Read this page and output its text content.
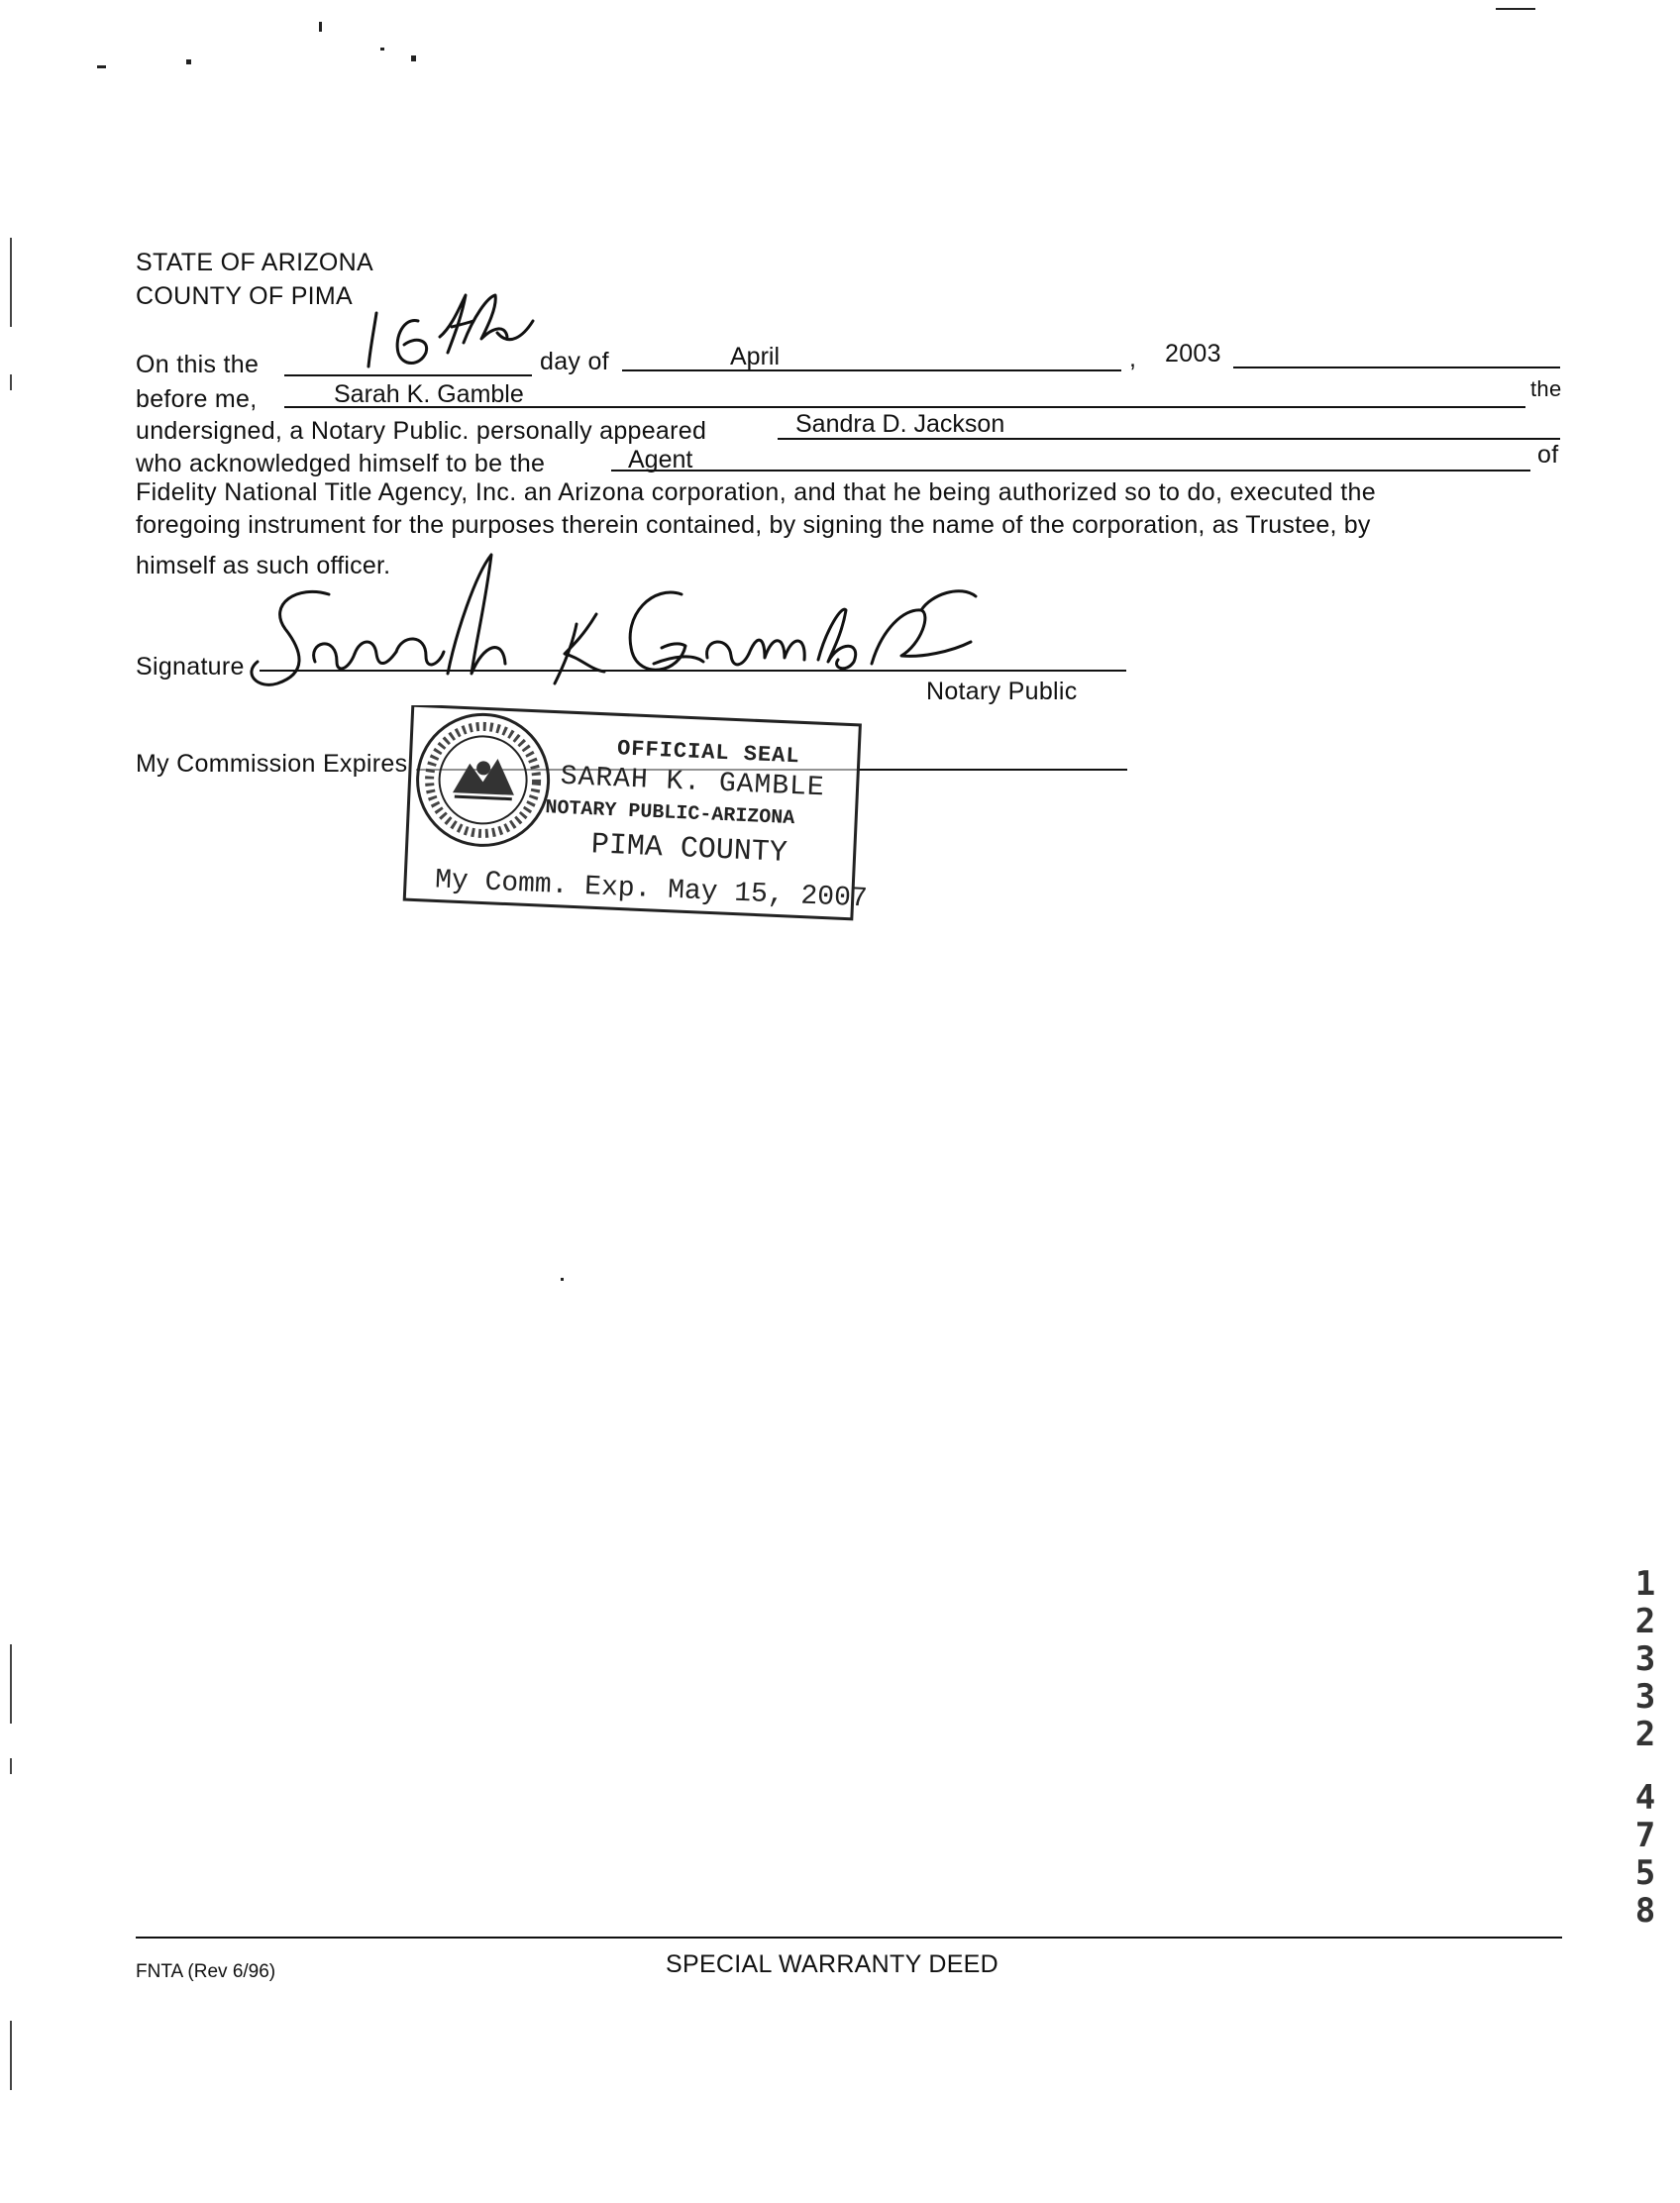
STATE OF ARIZONA
COUNTY OF PIMA
On this the	day of	April	, 2003
before me,	Sarah K. Gamble	the
undersigned, a Notary Public. personally appeared	Sandra D. Jackson
who acknowledged himself to be the	Agent	of
Fidelity National Title Agency, Inc. an Arizona corporation, and that he being authorized so to do, executed the
foregoing instrument for the purposes therein contained, by signing the name of the corporation, as Trustee, by
himself as such officer.
Signature
Notary Public
My Commission Expires	OFFICIAL SEAL
SARAH K. GAMBLE
NOTARY PUBLIC-ARIZONA
PIMA COUNTY
My Comm. Exp. May 15, 2007
1
2
3
3
2
4
7
5
8
FNTA (Rev 6/96)	SPECIAL WARRANTY DEED
